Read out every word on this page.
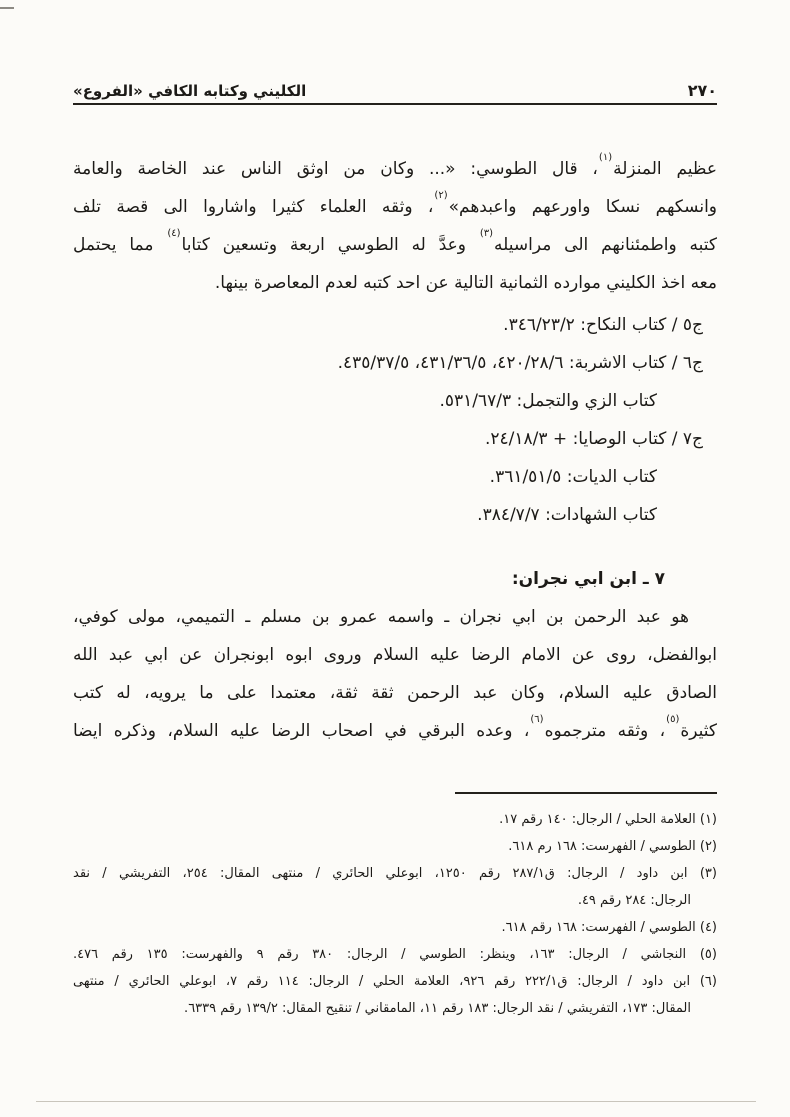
٢٧٠
الكليني وكتابه الكافي «الفروع»
عظيم المنزلة$^{(١)}$، قال الطوسي: «... وكان من اوثق الناس عند الخاصة والعامة
وانسكهم نسكا واورعهم واعبدهم»$^{(٢)}$، وثقه العلماء كثيرا واشاروا الى قصة تلف
كتبه واطمئنانهم الى مراسيله$^{(٣)}$ وعدَّ له الطوسي اربعة وتسعين كتابا$^{(٤)}$ مما يحتمل
معه اخذ الكليني موارده الثمانية التالية عن احد كتبه لعدم المعاصرة بينها.
ج٥ / كتاب النكاح: ٣٤٦/٢٣/٢.
ج٦ / كتاب الاشربة: ٤٢٠/٢٨/٦، ٤٣١/٣٦/٥، ٤٣٥/٣٧/٥.
كتاب الزي والتجمل: ٥٣١/٦٧/٣.
ج٧ / كتاب الوصايا: + ٢٤/١٨/٣.
كتاب الديات: ٣٦١/٥١/٥.
كتاب الشهادات: ٣٨٤/٧/٧.
٧ ـ ابن ابي نجران:
هو عبد الرحمن بن ابي نجران ـ واسمه عمرو بن مسلم ـ التميمي، مولى كوفي،
ابوالفضل، روى عن الامام الرضا عليه السلام وروى ابوه ابونجران عن ابي عبد الله
الصادق عليه السلام، وكان عبد الرحمن ثقة ثقة، معتمدا على ما يرويه، له كتب
كثيرة$^{(٥)}$، وثقه مترجموه$^{(٦)}$، وعده البرقي في اصحاب الرضا عليه السلام، وذكره ايضا
(١) العلامة الحلي / الرجال: ١٤٠ رقم ١٧.
(٢) الطوسي / الفهرست: ١٦٨ رم ٦١٨.
(٣) ابن داود / الرجال: ق٢٨٧/١ رقم ١٢٥٠، ابوعلي الحائري / منتهى المقال: ٢٥٤، التفريشي / نقد
الرجال: ٢٨٤ رقم ٤٩.
(٤) الطوسي / الفهرست: ١٦٨ رقم ٦١٨.
(٥) النجاشي / الرجال: ١٦٣، وينظر: الطوسي / الرجال: ٣٨٠ رقم ٩ والفهرست: ١٣٥ رقم ٤٧٦.
(٦) ابن داود / الرجال: ق٢٢٢/١ رقم ٩٢٦، العلامة الحلي / الرجال: ١١٤ رقم ٧، ابوعلي الحائري / منتهى
المقال: ١٧٣، التفريشي / نقد الرجال: ١٨٣ رقم ١١، المامقاني / تنقيح المقال: ١٣٩/٢ رقم ٦٣٣٩.
